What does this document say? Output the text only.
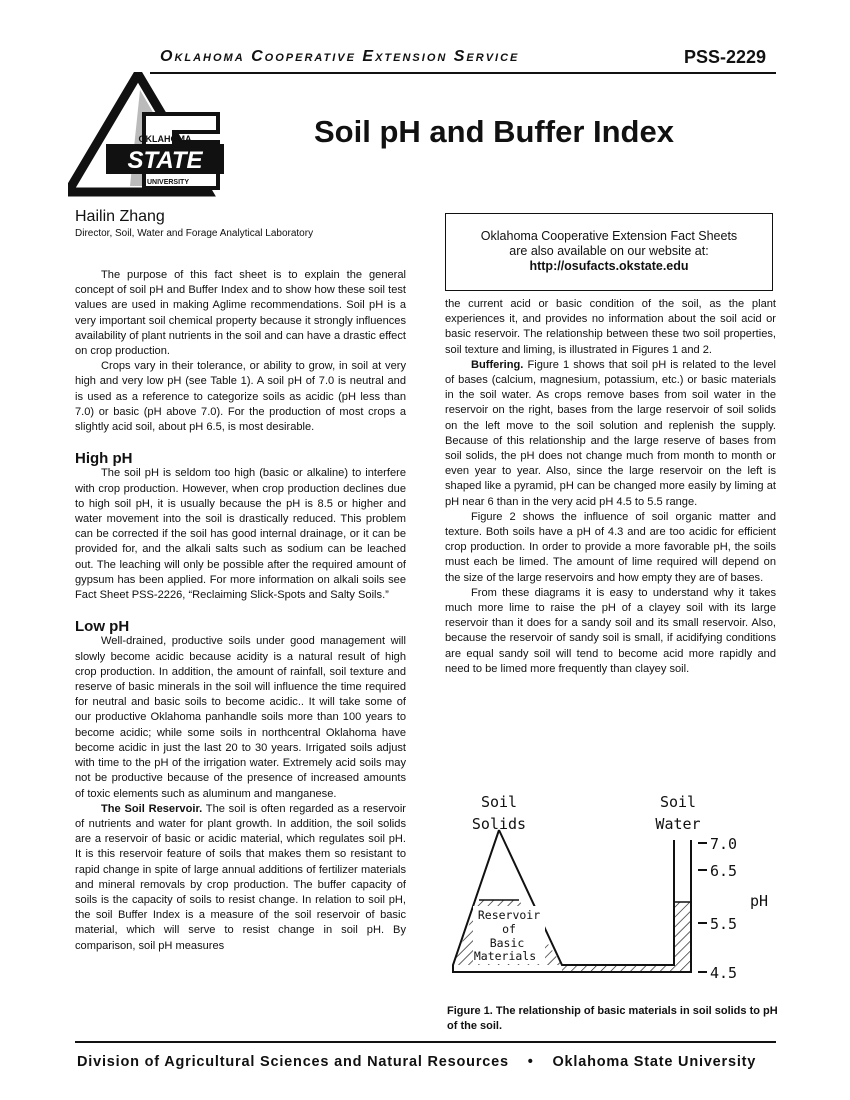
Oklahoma Cooperative Extension Service	PSS-2229
OKLAHOMA
STATE
UNIVERSITY
Soil pH and Buffer Index
Hailin Zhang
Director, Soil, Water and Forage Analytical Laboratory	Oklahoma Cooperative Extension Fact Sheets
are also available on our website at:
http://osufacts.okstate.edu

The purpose of this fact sheet is to explain the general concept of soil pH and Buffer Index and to show how these soil test values are used in making Aglime recommendations. Soil pH is a very important soil chemical property because it strongly influences availability of plant nutrients in the soil and can have a drastic effect on crop production.

Crops vary in their tolerance, or ability to grow, in soil at very high and very low pH (see Table 1). A soil pH of 7.0 is neutral and is used as a reference to categorize soils as acidic (pH less than 7.0) or basic (pH above 7.0). For the production of most crops a slightly acid soil, about pH 6.5, is most desirable.

High pH

The soil pH is seldom too high (basic or alkaline) to interfere with crop production. However, when crop production declines due to high soil pH, it is usually because the pH is 8.5 or higher and water movement into the soil is drastically reduced. This problem can be corrected if the soil has good internal drainage, or it can be provided for, and the alkali salts such as sodium can be leached out. The leaching will only be possible after the required amount of gypsum has been applied. For more information on alkali soils see Fact Sheet PSS-2226, “Reclaiming Slick-Spots and Salty Soils.”

Low pH

Well-drained, productive soils under good management will slowly become acidic because acidity is a natural result of high crop production. In addition, the amount of rainfall, soil texture and reserve of basic minerals in the soil will influence the time required for neutral and basic soils to become acidic.. It will take some of our productive Oklahoma panhandle soils more than 100 years to become acidic; while some soils in northcentral Oklahoma have become acidic in just the last 20 to 30 years. Irrigated soils adjust with time to the pH of the irrigation water. Extremely acid soils may not be productive because of the presence of increased amounts of toxic elements such as aluminum and manganese.

The Soil Reservoir. The soil is often regarded as a reservoir of nutrients and water for plant growth. In addition, the soil solids are a reservoir of basic or acidic material, which regulates soil pH. It is this reservoir feature of soils that makes them so resistant to rapid change in spite of large annual additions of fertilizer materials and mineral removals by crop production. The buffer capacity of soils is the capacity of soils to resist change. In relation to soil pH, the soil Buffer Index is a measure of the soil reservoir of basic material, which will serve to resist change in soil pH. By comparison, soil pH measures

the current acid or basic condition of the soil, as the plant experiences it, and provides no information about the soil acid or basic reservoir. The relationship between these two soil properties, soil texture and liming, is illustrated in Figures 1 and 2.

Buffering. Figure 1 shows that soil pH is related to the level of bases (calcium, magnesium, potassium, etc.) or basic materials in the soil water. As crops remove bases from soil water in the reservoir on the right, bases from the large reservoir of soil solids on the left move to the soil solution and replenish the supply. Because of this relationship and the large reserve of bases from soil solids, the pH does not change much from month to month or even year to year. Also, since the large reservoir on the left is shaped like a pyramid, pH can be changed more easily by liming at pH near 6 than in the very acid pH 4.5 to 5.5 range.

Figure 2 shows the influence of soil organic matter and texture. Both soils have a pH of 4.3 and are too acidic for efficient crop production. In order to provide a more favorable pH, the soils must each be limed. The amount of lime required will depend on the size of the large reservoirs and how empty they are of bases.

From these diagrams it is easy to understand why it takes much more lime to raise the pH of a clayey soil with its large reservoir than it does for a sandy soil and its small reservoir. Also, because the reservoir of sandy soil is small, if acidifying conditions are equal sandy soil will tend to become acid more rapidly and need to be limed more frequently than clayey soil.

Soil
Solids
Soil
Water
Reservoir
of
Basic
Materials
7.0
6.5
5.5
4.5
pH
Figure 1. The relationship of basic materials in soil solids to pH of the soil.
Division of Agricultural Sciences and Natural Resources • Oklahoma State University
